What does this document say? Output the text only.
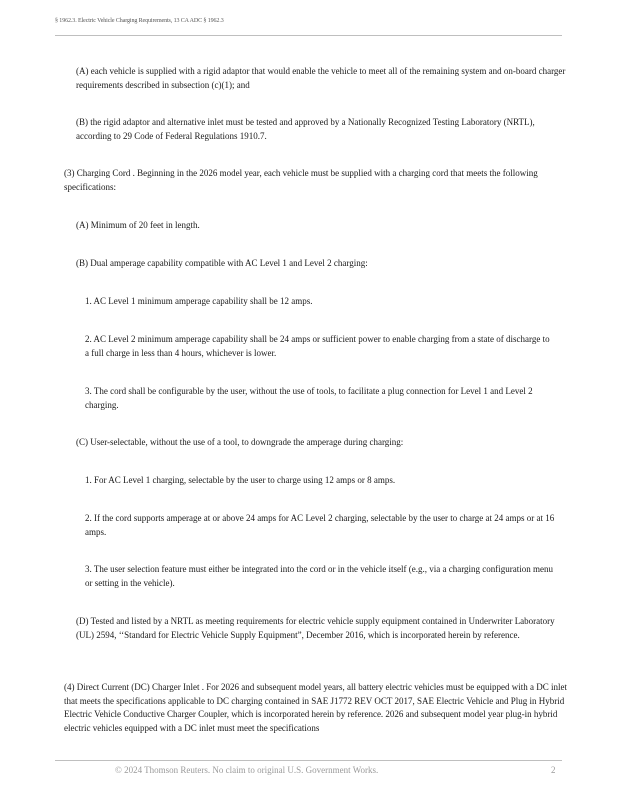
§ 1962.3. Electric Vehicle Charging Requirements, 13 CA ADC § 1962.3

(A) each vehicle is supplied with a rigid adaptor that would enable the vehicle to meet all of the remaining system and on-board charger requirements described in subsection (c)(1); and

(B) the rigid adaptor and alternative inlet must be tested and approved by a Nationally Recognized Testing Laboratory (NRTL), according to 29 Code of Federal Regulations 1910.7.

(3) Charging Cord . Beginning in the 2026 model year, each vehicle must be supplied with a charging cord that meets the following specifications:

(A) Minimum of 20 feet in length.

(B) Dual amperage capability compatible with AC Level 1 and Level 2 charging:

1. AC Level 1 minimum amperage capability shall be 12 amps.

2. AC Level 2 minimum amperage capability shall be 24 amps or sufficient power to enable charging from a state of discharge to a full charge in less than 4 hours, whichever is lower.

3. The cord shall be configurable by the user, without the use of tools, to facilitate a plug connection for Level 1 and Level 2 charging.

(C) User-selectable, without the use of a tool, to downgrade the amperage during charging:

1. For AC Level 1 charging, selectable by the user to charge using 12 amps or 8 amps.

2. If the cord supports amperage at or above 24 amps for AC Level 2 charging, selectable by the user to charge at 24 amps or at 16 amps.

3. The user selection feature must either be integrated into the cord or in the vehicle itself (e.g., via a charging configuration menu or setting in the vehicle).

(D) Tested and listed by a NRTL as meeting requirements for electric vehicle supply equipment contained in Underwriter Laboratory (UL) 2594, ‘‘Standard for Electric Vehicle Supply Equipment”, December 2016, which is incorporated herein by reference.

(4) Direct Current (DC) Charger Inlet . For 2026 and subsequent model years, all battery electric vehicles must be equipped with a DC inlet that meets the specifications applicable to DC charging contained in SAE J1772 REV OCT 2017, SAE Electric Vehicle and Plug in Hybrid Electric Vehicle Conductive Charger Coupler, which is incorporated herein by reference. 2026 and subsequent model year plug-in hybrid electric vehicles equipped with a DC inlet must meet the specifications

© 2024 Thomson Reuters. No claim to original U.S. Government Works.	2
